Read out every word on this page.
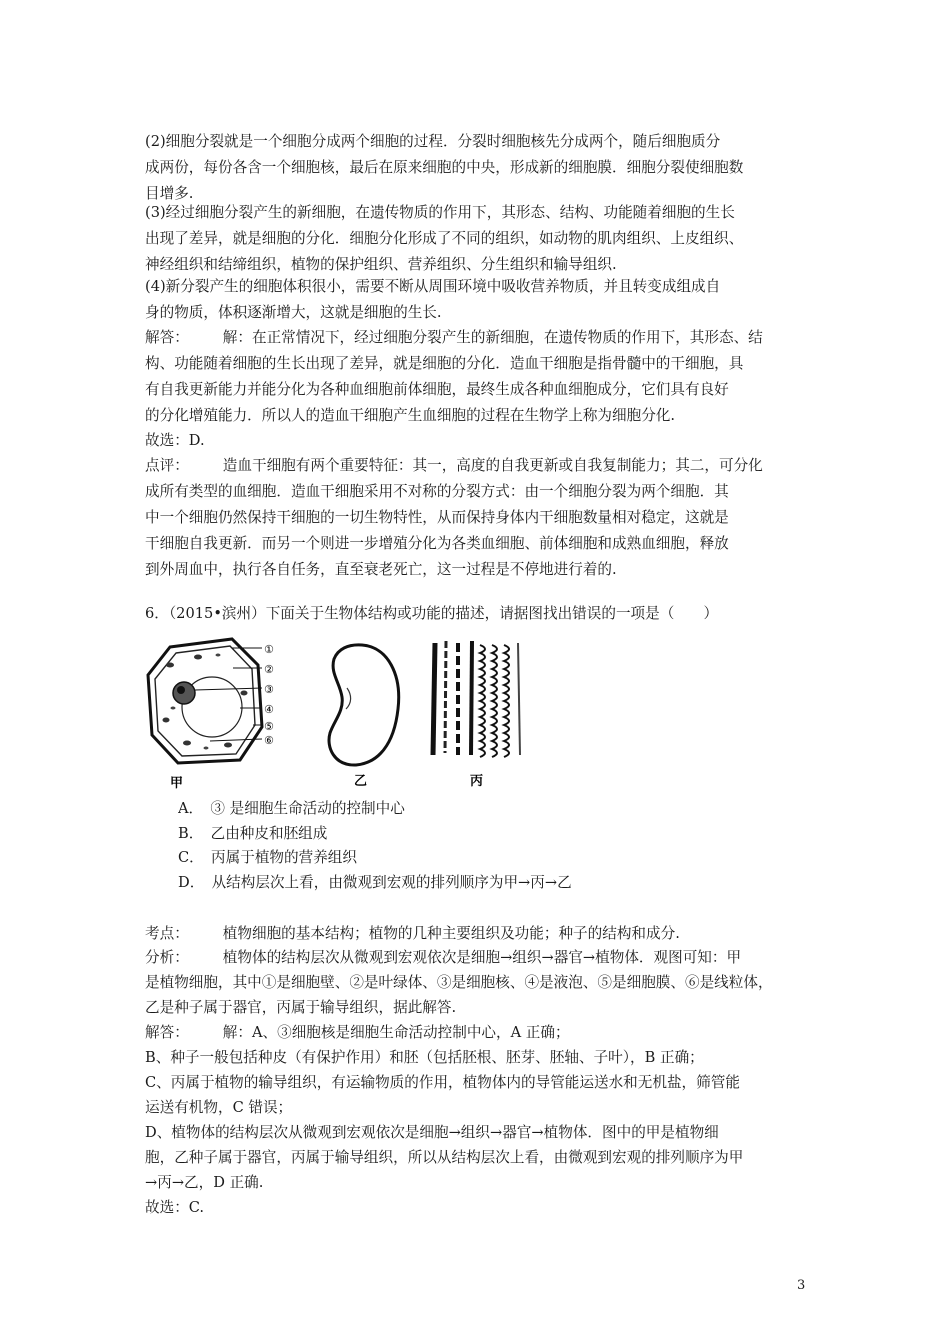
(2)细胞分裂就是一个细胞分成两个细胞的过程．分裂时细胞核先分成两个，随后细胞质分
成两份，每份各含一个细胞核，最后在原来细胞的中央，形成新的细胞膜．细胞分裂使细胞数
目增多.
(3)经过细胞分裂产生的新细胞，在遗传物质的作用下，其形态、结构、功能随着细胞的生长
出现了差异，就是细胞的分化．细胞分化形成了不同的组织，如动物的肌肉组织、上皮组织、
神经组织和结缔组织，植物的保护组织、营养组织、分生组织和输导组织.
(4)新分裂产生的细胞体积很小，需要不断从周围环境中吸收营养物质，并且转变成组成自
身的物质，体积逐渐增大，这就是细胞的生长.
解答： 解：在正常情况下，经过细胞分裂产生的新细胞，在遗传物质的作用下，其形态、结
构、功能随着细胞的生长出现了差异，就是细胞的分化．造血干细胞是指骨髓中的干细胞，具
有自我更新能力并能分化为各种血细胞前体细胞，最终生成各种血细胞成分，它们具有良好
的分化增殖能力．所以人的造血干细胞产生血细胞的过程在生物学上称为细胞分化.
故选：D.
点评： 造血干细胞有两个重要特征：其一，高度的自我更新或自我复制能力；其二，可分化
成所有类型的血细胞．造血干细胞采用不对称的分裂方式：由一个细胞分裂为两个细胞．其
中一个细胞仍然保持干细胞的一切生物特性，从而保持身体内干细胞数量相对稳定，这就是
干细胞自我更新．而另一个则进一步增殖分化为各类血细胞、前体细胞和成熟血细胞，释放
到外周血中，执行各自任务，直至衰老死亡，这一过程是不停地进行着的.
6．（2015•滨州）下面关于生物体结构或功能的描述，请据图找出错误的一项是（　　）
①
②
③
④
⑤
⑥
甲	乙	丙
A．　③ 是细胞生命活动的控制中心
B．　乙由种皮和胚组成
C．　丙属于植物的营养组织
D．　从结构层次上看，由微观到宏观的排列顺序为甲→丙→乙
考点： 植物细胞的基本结构；植物的几种主要组织及功能；种子的结构和成分.
分析： 植物体的结构层次从微观到宏观依次是细胞→组织→器官→植物体．观图可知：甲
是植物细胞，其中①是细胞壁、②是叶绿体、③是细胞核、④是液泡、⑤是细胞膜、⑥是线粒体，
乙是种子属于器官，丙属于输导组织，据此解答.
解答： 解：A、③细胞核是细胞生命活动控制中心，A 正确；
B、种子一般包括种皮（有保护作用）和胚（包括胚根、胚芽、胚轴、子叶），B 正确；
C、丙属于植物的输导组织，有运输物质的作用，植物体内的导管能运送水和无机盐，筛管能
运送有机物，C 错误；
D、植物体的结构层次从微观到宏观依次是细胞→组织→器官→植物体．图中的甲是植物细
胞，乙种子属于器官，丙属于输导组织，所以从结构层次上看，由微观到宏观的排列顺序为甲
→丙→乙，D 正确.
故选：C.
3
